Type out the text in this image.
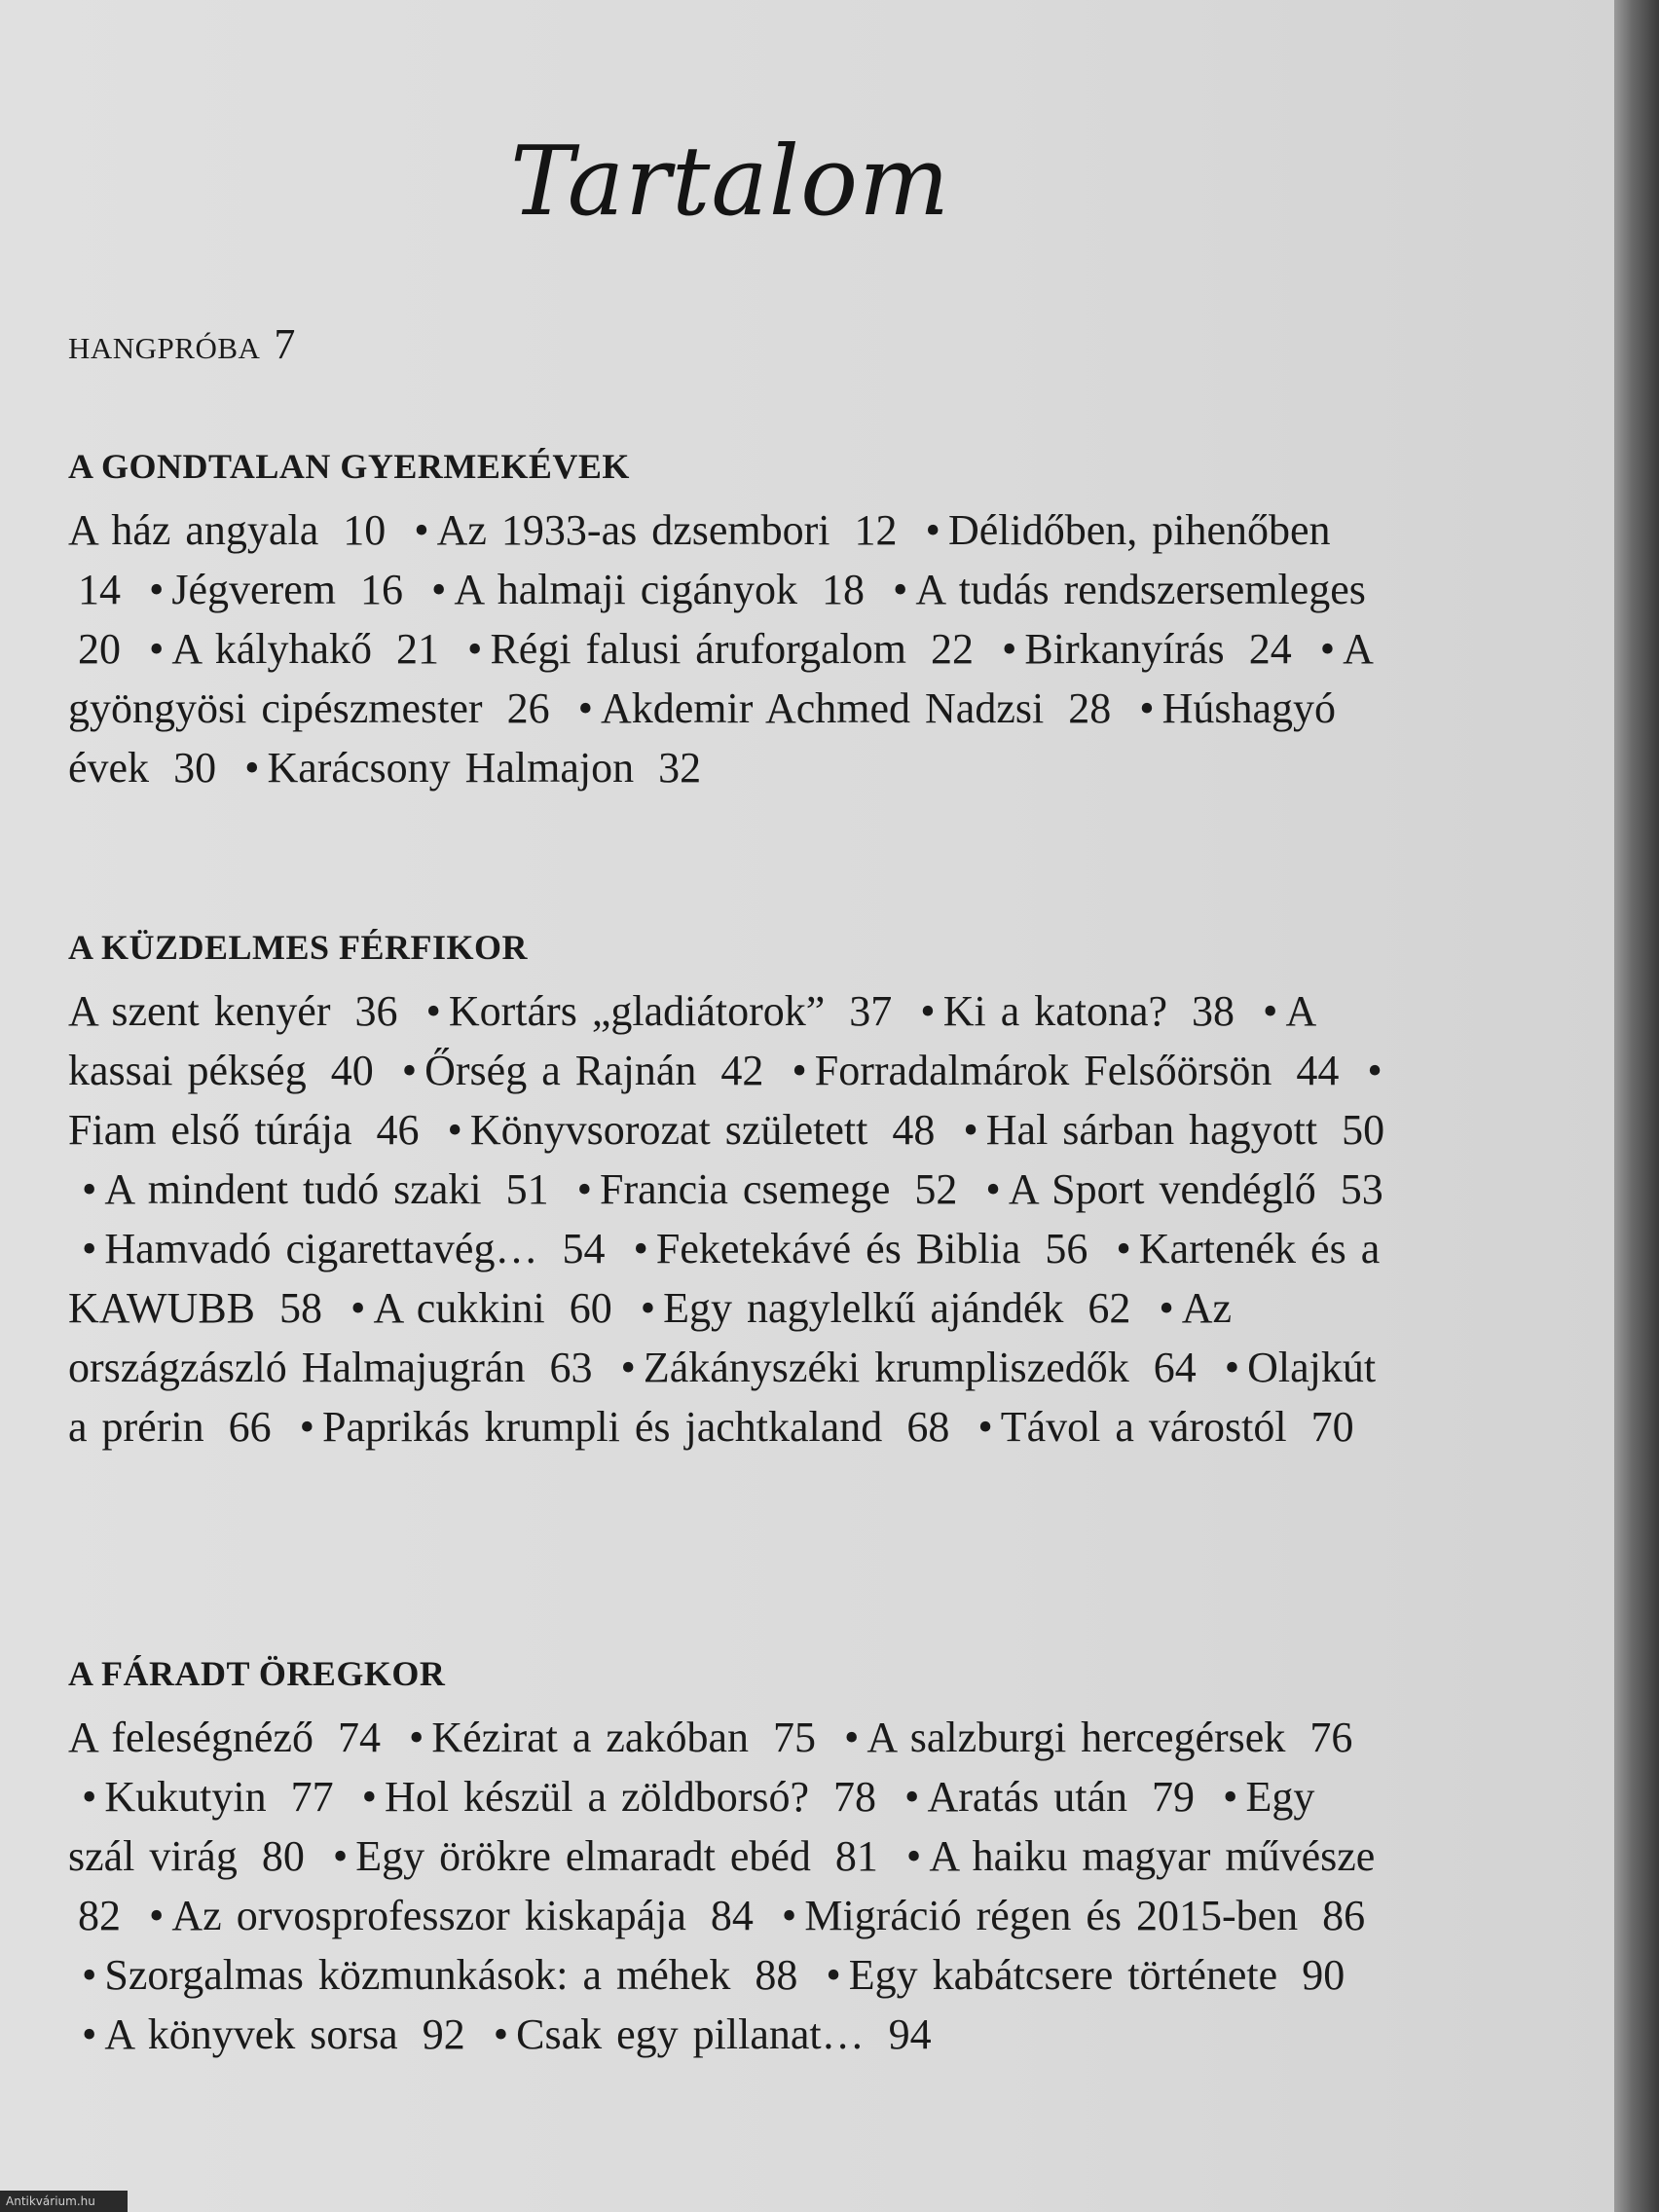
Tartalom
hangpróba 7
A GONDTALAN GYERMEKÉVEK

A ház angyala 10 • Az 1933-as dzsembori 12 • Délidőben, pihenőben 14 • Jégverem 16 • A halmaji cigányok 18 • A tudás rendszersemleges 20 • A kályhakő 21 • Régi falusi áruforgalom 22 • Birkanyírás 24 • A gyöngyösi cipészmester 26 • Akdemir Achmed Nadzsi 28 • Húshagyó évek 30 • Karácsony Halmajon 32

A KÜZDELMES FÉRFIKOR

A szent kenyér 36 • Kortárs „gladiátorok” 37 • Ki a katona? 38 • A kassai pékség 40 • Őrség a Rajnán 42 • Forradalmárok Felsőörsön 44 •Fiam első túrája 46 • Könyvsorozat született 48 • Hal sárban hagyott 50 • A mindent tudó szaki 51 • Francia csemege 52 • A Sport vendéglő 53 • Hamvadó cigarettavég… 54 • Feketekávé és Biblia 56 • Kartenék és a KAWUBB 58 • A cukkini 60 • Egy nagylelkű ajándék 62 • Az országzászló Halmajugrán 63 • Zákányszéki krumpliszedők 64 • Olajkút a prérin 66 • Paprikás krumpli és jachtkaland 68 • Távol a várostól 70

A FÁRADT ÖREGKOR

A feleségnéző 74 • Kézirat a zakóban 75 • A salzburgi hercegérsek 76 • Kukutyin 77 • Hol készül a zöldborsó? 78 • Aratás után 79 • Egy szál virág 80 • Egy örökre elmaradt ebéd 81 • A haiku magyar művésze 82 • Az orvosprofesszor kiskapája 84 • Migráció régen és 2015-ben 86 • Szorgalmas közmunkások: a méhek 88 • Egy kabátcsere története 90 • A könyvek sorsa 92 • Csak egy pillanat… 94

Antikvárium.hu
